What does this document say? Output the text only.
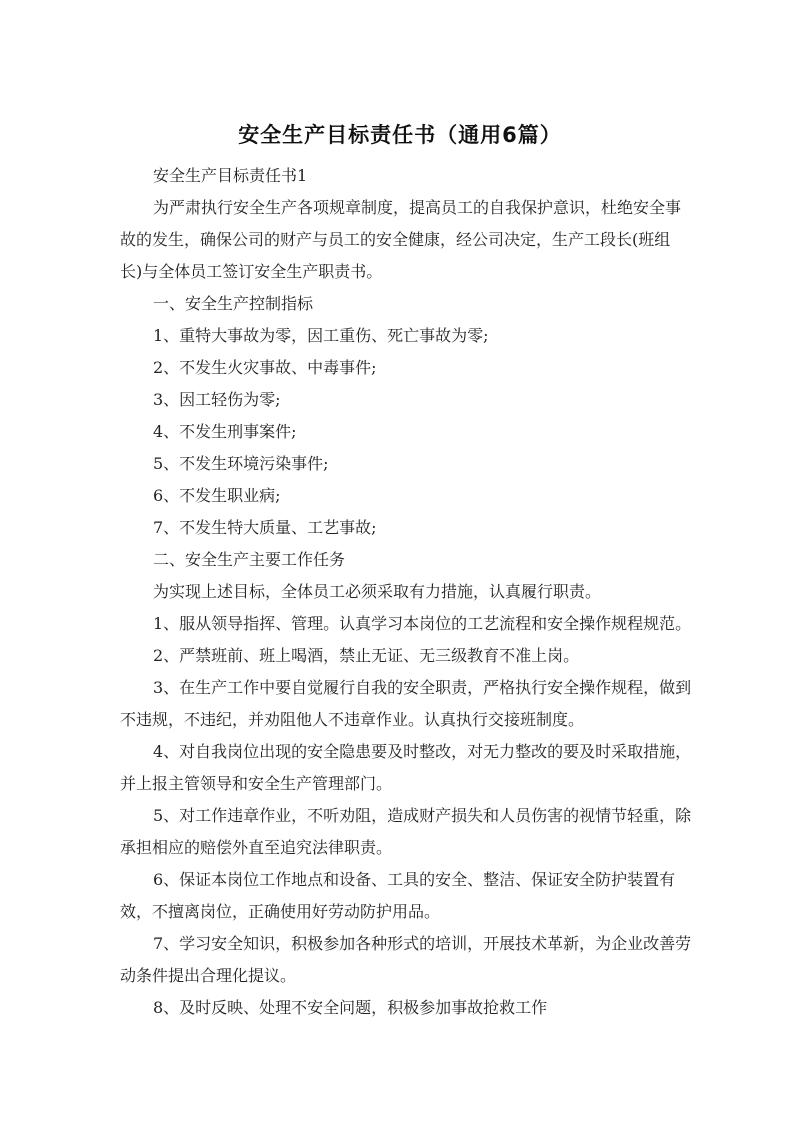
安全生产目标责任书（通用6篇）

安全生产目标责任书1

为严肃执行安全生产各项规章制度，提高员工的自我保护意识，杜绝安全事故的发生，确保公司的财产与员工的安全健康，经公司决定，生产工段长(班组长)与全体员工签订安全生产职责书。

一、安全生产控制指标

1、重特大事故为零，因工重伤、死亡事故为零;

2、不发生火灾事故、中毒事件;

3、因工轻伤为零;

4、不发生刑事案件;

5、不发生环境污染事件;

6、不发生职业病;

7、不发生特大质量、工艺事故;

二、安全生产主要工作任务

为实现上述目标，全体员工必须采取有力措施，认真履行职责。

1、服从领导指挥、管理。认真学习本岗位的工艺流程和安全操作规程规范。

2、严禁班前、班上喝酒，禁止无证、无三级教育不准上岗。

3、在生产工作中要自觉履行自我的安全职责，严格执行安全操作规程，做到不违规，不违纪，并劝阻他人不违章作业。认真执行交接班制度。

4、对自我岗位出现的安全隐患要及时整改，对无力整改的要及时采取措施，并上报主管领导和安全生产管理部门。

5、对工作违章作业，不听劝阻，造成财产损失和人员伤害的视情节轻重，除承担相应的赔偿外直至追究法律职责。

6、保证本岗位工作地点和设备、工具的安全、整洁、保证安全防护装置有效，不擅离岗位，正确使用好劳动防护用品。

7、学习安全知识，积极参加各种形式的培训，开展技术革新，为企业改善劳动条件提出合理化提议。

8、及时反映、处理不安全问题，积极参加事故抢救工作
